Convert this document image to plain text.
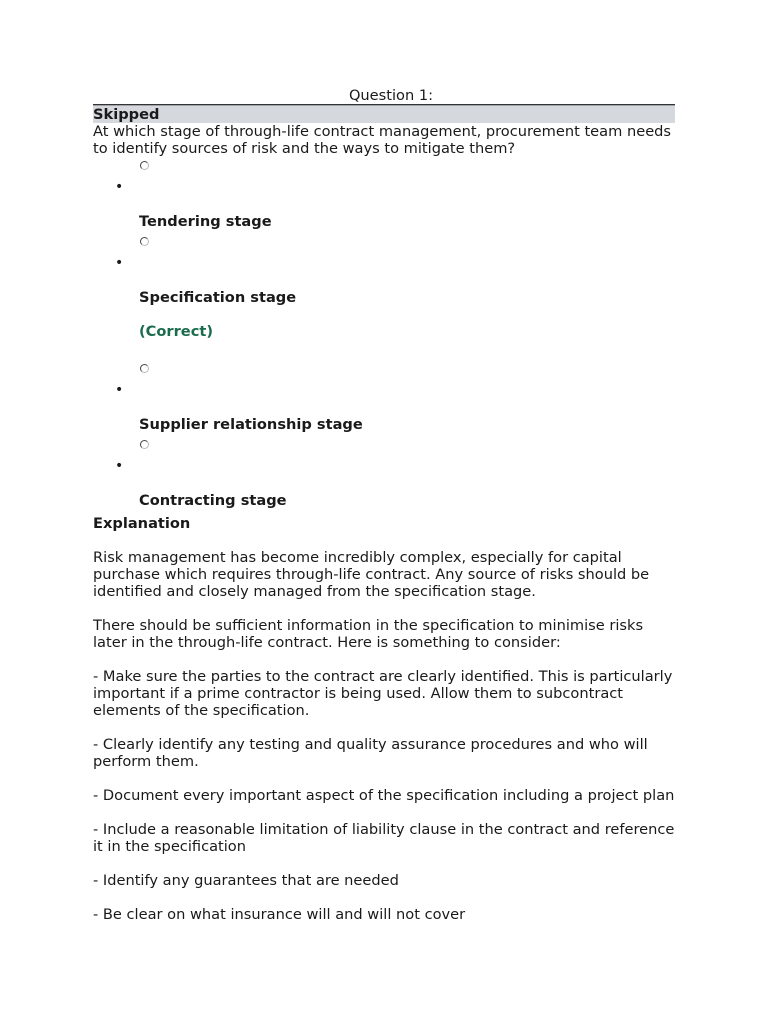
Question 1:
Skipped

At which stage of through-life contract management, procurement team needs to identify sources of risk and the ways to mitigate them?

•
Tendering stage
•
Specification stage
(Correct)
•
Supplier relationship stage
•
Contracting stage

Explanation

Risk management has become incredibly complex, especially for capital purchase which requires through-life contract. Any source of risks should be identified and closely managed from the specification stage.

There should be sufficient information in the specification to minimise risks later in the through-life contract. Here is something to consider:

- Make sure the parties to the contract are clearly identified. This is particularly important if a prime contractor is being used. Allow them to subcontract elements of the specification.

- Clearly identify any testing and quality assurance procedures and who will perform them.

- Document every important aspect of the specification including a project plan

- Include a reasonable limitation of liability clause in the contract and reference it in the specification

- Identify any guarantees that are needed

- Be clear on what insurance will and will not cover
